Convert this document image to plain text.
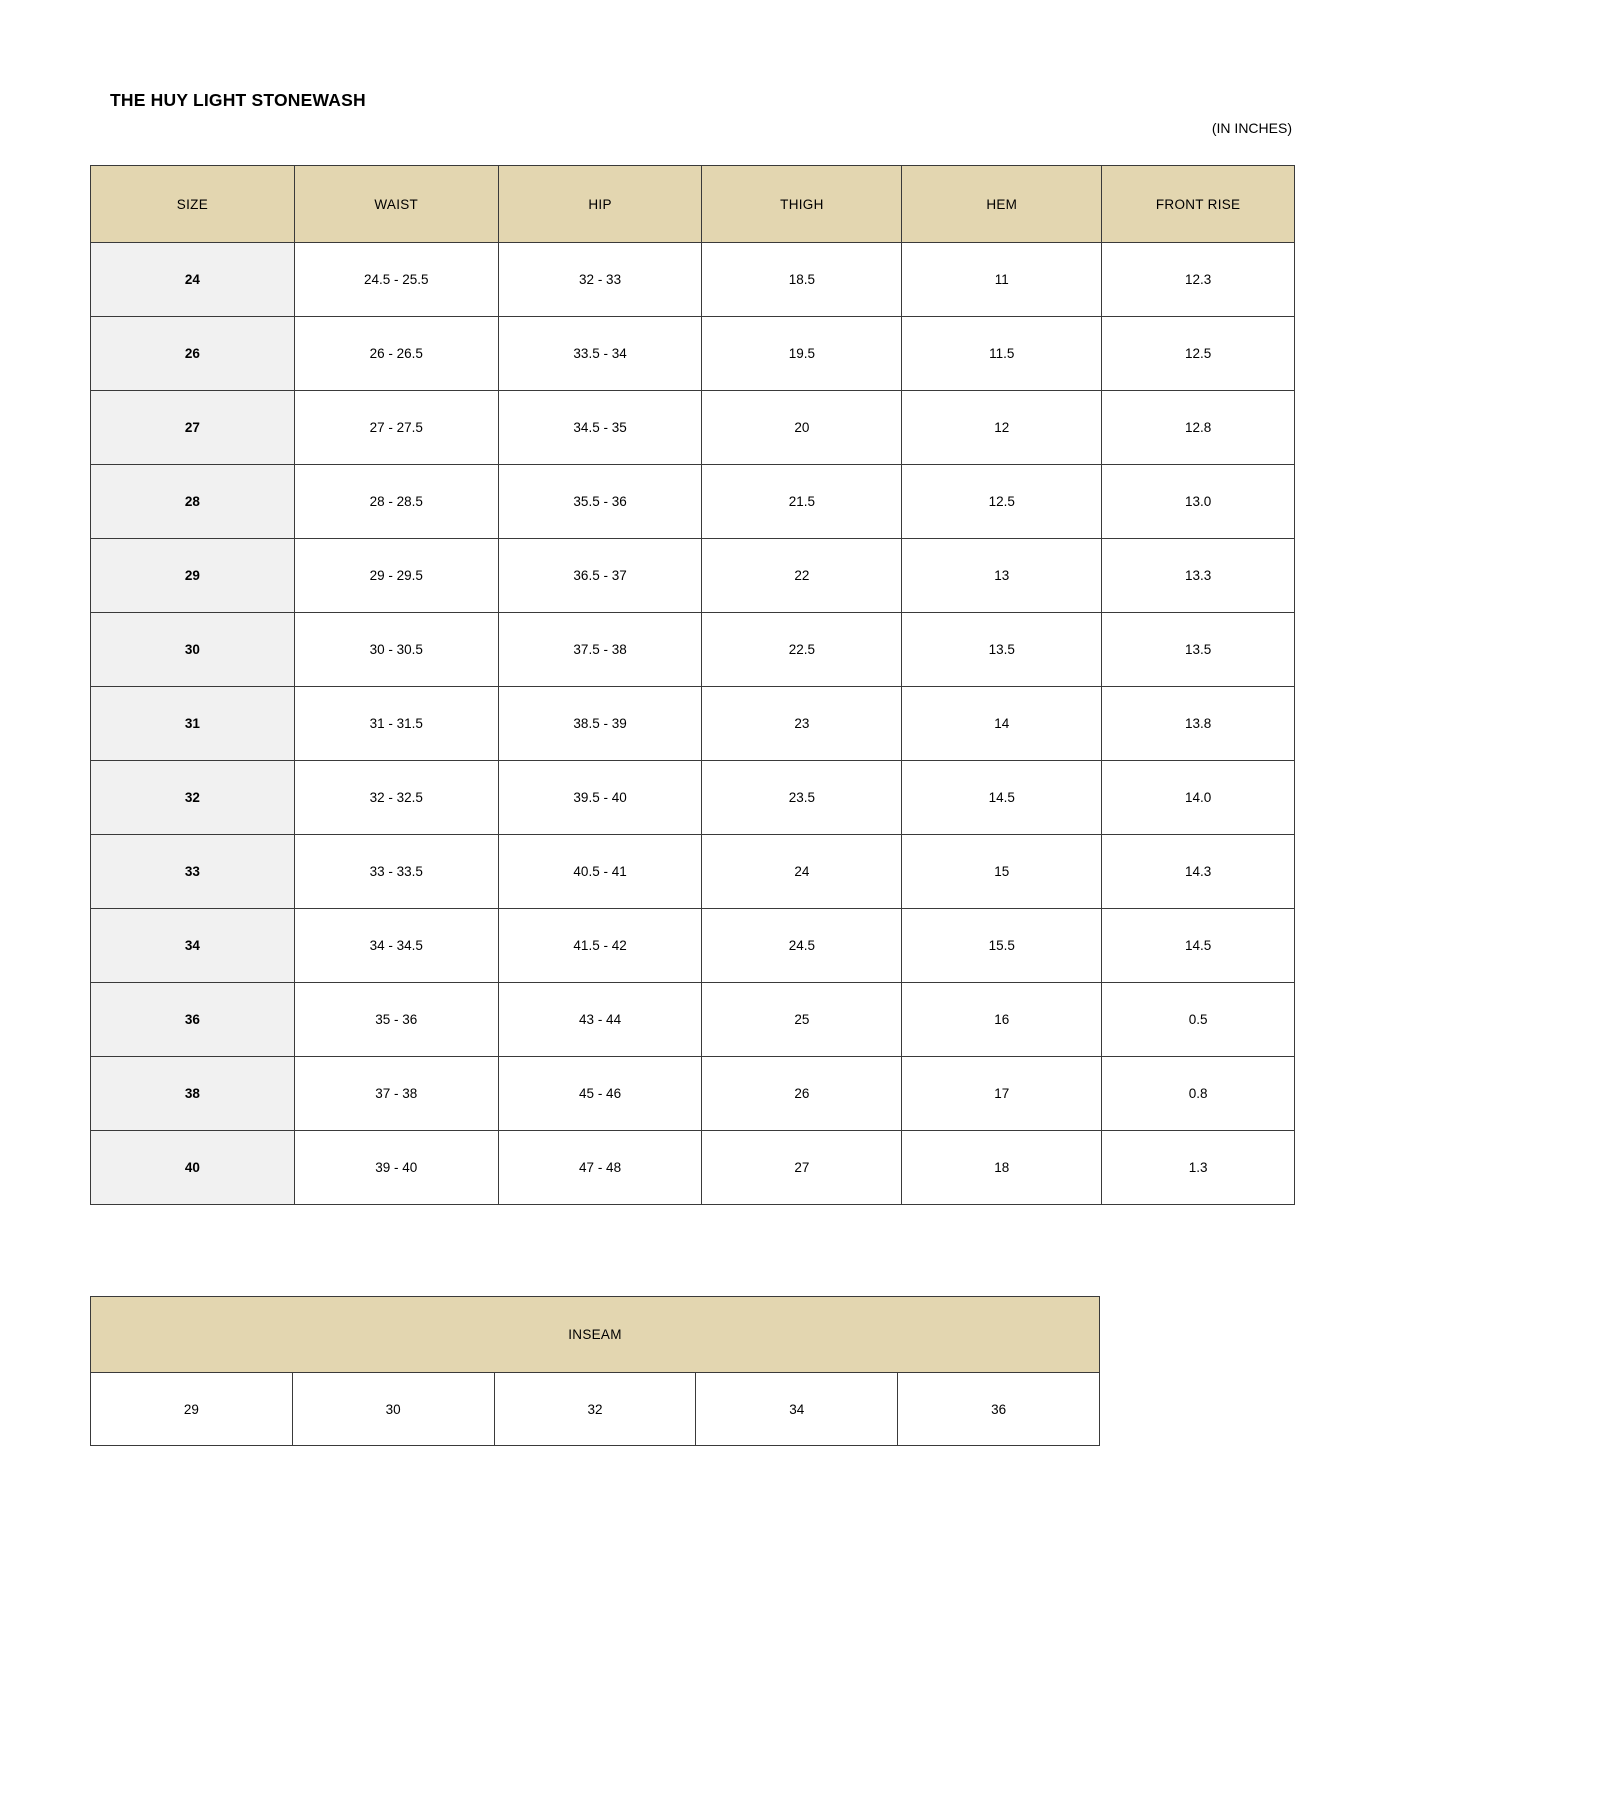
THE HUY LIGHT STONEWASH
(IN INCHES)
SIZE	WAIST	HIP	THIGH	HEM	FRONT RISE
24	24.5 - 25.5	32 - 33	18.5	11	12.3
26	26 - 26.5	33.5 - 34	19.5	11.5	12.5
27	27 - 27.5	34.5 - 35	20	12	12.8
28	28 - 28.5	35.5 - 36	21.5	12.5	13.0
29	29 - 29.5	36.5 - 37	22	13	13.3
30	30 - 30.5	37.5 - 38	22.5	13.5	13.5
31	31 - 31.5	38.5 - 39	23	14	13.8
32	32 - 32.5	39.5 - 40	23.5	14.5	14.0
33	33 - 33.5	40.5 - 41	24	15	14.3
34	34 - 34.5	41.5 - 42	24.5	15.5	14.5
36	35 - 36	43 - 44	25	16	0.5
38	37 - 38	45 - 46	26	17	0.8
40	39 - 40	47 - 48	27	18	1.3
INSEAM
29	30	32	34	36
